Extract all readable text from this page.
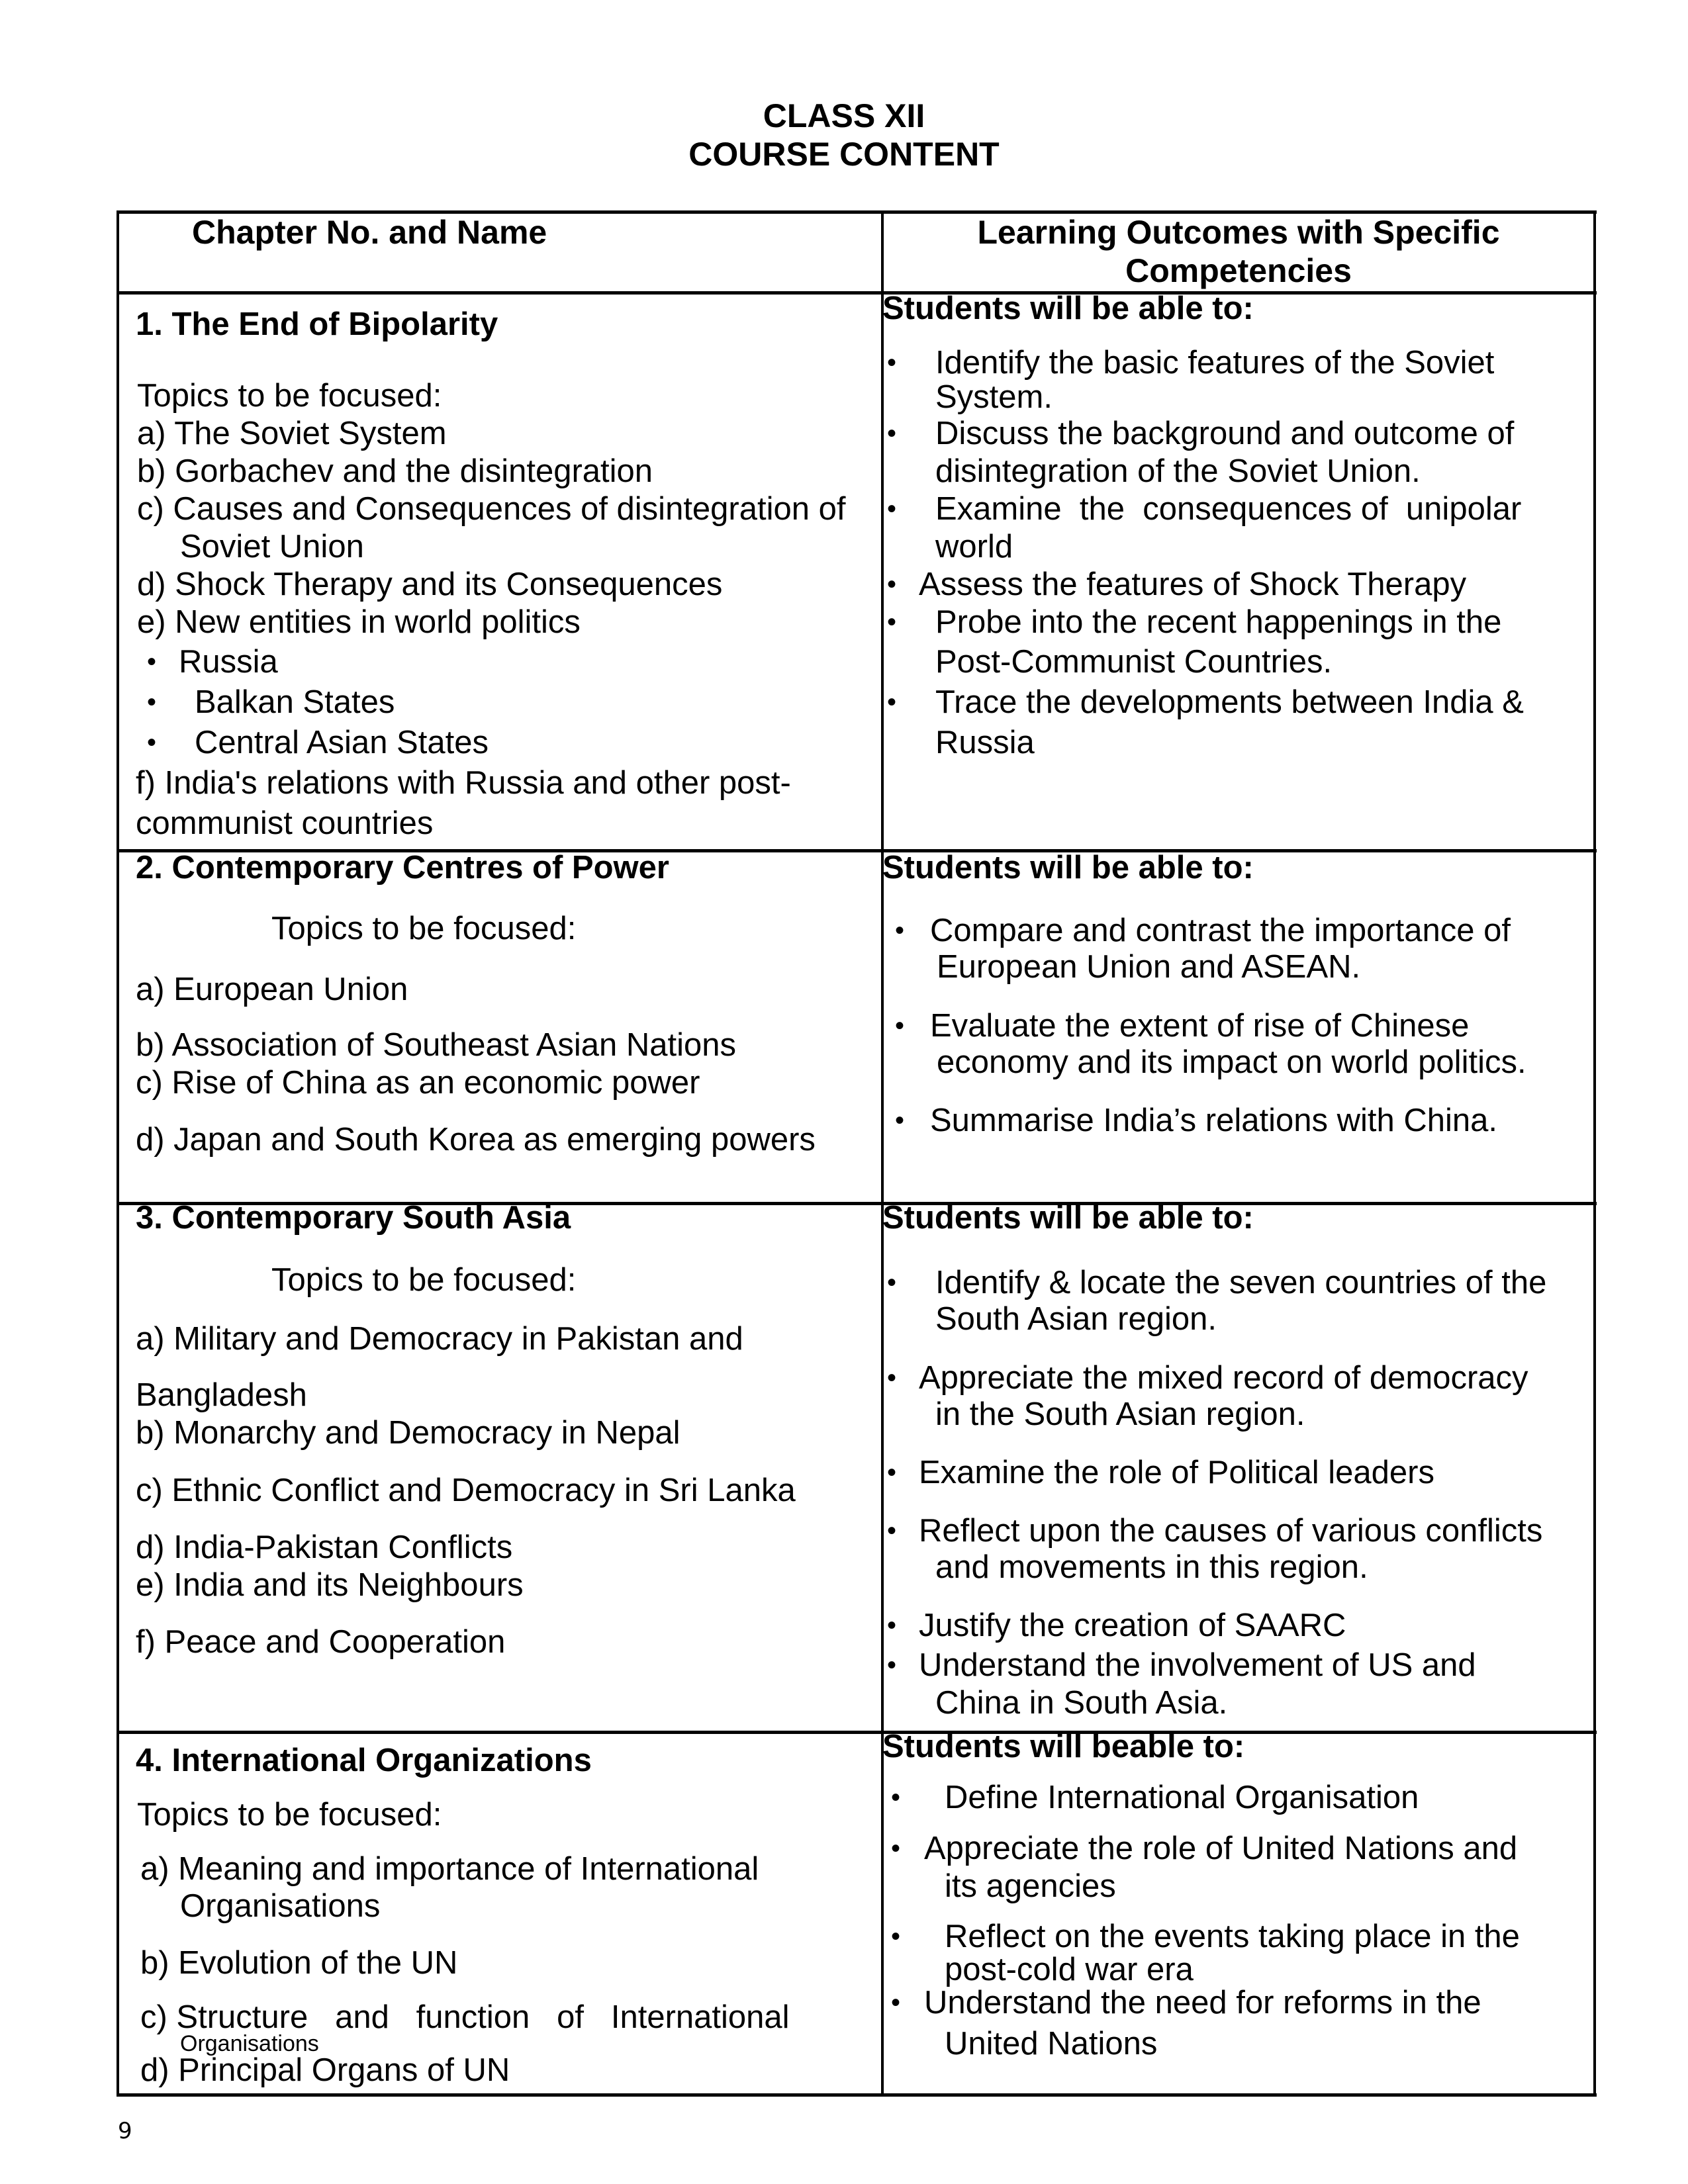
CLASS XII
COURSE CONTENT
Chapter No. and Name	Learning Outcomes with Specific
Competencies
1. The End of Bipolarity
Topics to be focused:
a) The Soviet System
b) Gorbachev and the disintegration
c) Causes and Consequences of disintegration of
Soviet Union
d) Shock Therapy and its Consequences
e) New entities in world politics
• Russia
• Balkan States
• Central Asian States
f) India's relations with Russia and other post-
communist countries
Students will be able to:
• Identify the basic features of the Soviet
System.
• Discuss the background and outcome of
disintegration of the Soviet Union.
• Examine  the  consequences of  unipolar
world
• Assess the features of Shock Therapy
• Probe into the recent happenings in the
Post-Communist Countries.
• Trace the developments between India &
Russia
2. Contemporary Centres of Power
Topics to be focused:
a) European Union
b) Association of Southeast Asian Nations
c) Rise of China as an economic power
d) Japan and South Korea as emerging powers
Students will be able to:
• Compare and contrast the importance of
European Union and ASEAN.
• Evaluate the extent of rise of Chinese
economy and its impact on world politics.
• Summarise India’s relations with China.
3. Contemporary South Asia
Topics to be focused:
a) Military and Democracy in Pakistan and
Bangladesh
b) Monarchy and Democracy in Nepal
c) Ethnic Conflict and Democracy in Sri Lanka
d) India-Pakistan Conflicts
e) India and its Neighbours
f) Peace and Cooperation
Students will be able to:
• Identify & locate the seven countries of the
South Asian region.
• Appreciate the mixed record of democracy
in the South Asian region.
• Examine the role of Political leaders
• Reflect upon the causes of various conflicts
and movements in this region.
• Justify the creation of SAARC
• Understand the involvement of US and
China in South Asia.
4. International Organizations
Topics to be focused:
a) Meaning and importance of International
Organisations
b) Evolution of the UN
c) Structure   and   function   of   International
Organisations
d) Principal Organs of UN
Students will beable to:
• Define International Organisation
• Appreciate the role of United Nations and
its agencies
• Reflect on the events taking place in the
post-cold war era
• Understand the need for reforms in the
United Nations
9
